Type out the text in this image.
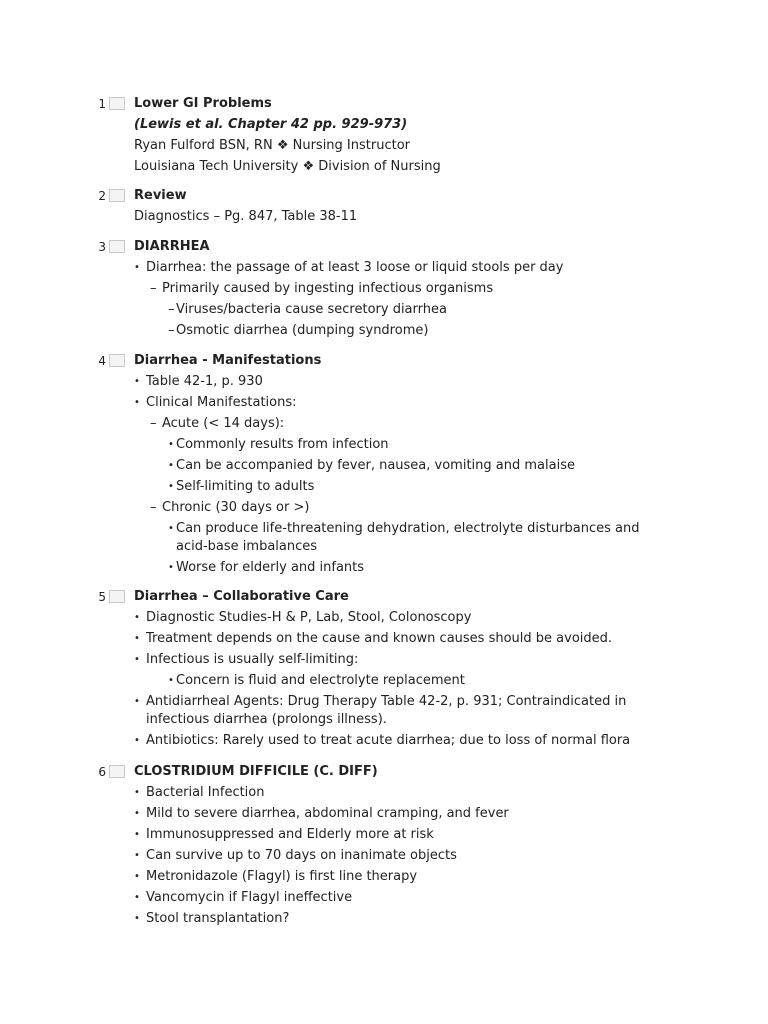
1 Lower GI Problems
(Lewis et al. Chapter 42 pp. 929-973)
Ryan Fulford BSN, RN ❖ Nursing Instructor
Louisiana Tech University ❖ Division of Nursing
2 Review
Diagnostics – Pg. 847, Table 38-11
3 DIARRHEA
• Diarrhea: the passage of at least 3 loose or liquid stools per day
– Primarily caused by ingesting infectious organisms
– Viruses/bacteria cause secretory diarrhea
– Osmotic diarrhea (dumping syndrome)
4 Diarrhea - Manifestations
• Table 42-1, p. 930
• Clinical Manifestations:
– Acute (< 14 days):
• Commonly results from infection
• Can be accompanied by fever, nausea, vomiting and malaise
• Self-limiting to adults
– Chronic (30 days or >)
• Can produce life-threatening dehydration, electrolyte disturbances and acid-base imbalances
• Worse for elderly and infants
5 Diarrhea – Collaborative Care
• Diagnostic Studies-H & P, Lab, Stool, Colonoscopy
• Treatment depends on the cause and known causes should be avoided.
• Infectious is usually self-limiting:
• Concern is fluid and electrolyte replacement
• Antidiarrheal Agents: Drug Therapy Table 42-2, p. 931; Contraindicated in infectious diarrhea (prolongs illness).
• Antibiotics: Rarely used to treat acute diarrhea; due to loss of normal flora
6 CLOSTRIDIUM DIFFICILE (C. DIFF)
• Bacterial Infection
• Mild to severe diarrhea, abdominal cramping, and fever
• Immunosuppressed and Elderly more at risk
• Can survive up to 70 days on inanimate objects
• Metronidazole (Flagyl) is first line therapy
• Vancomycin if Flagyl ineffective
• Stool transplantation?
